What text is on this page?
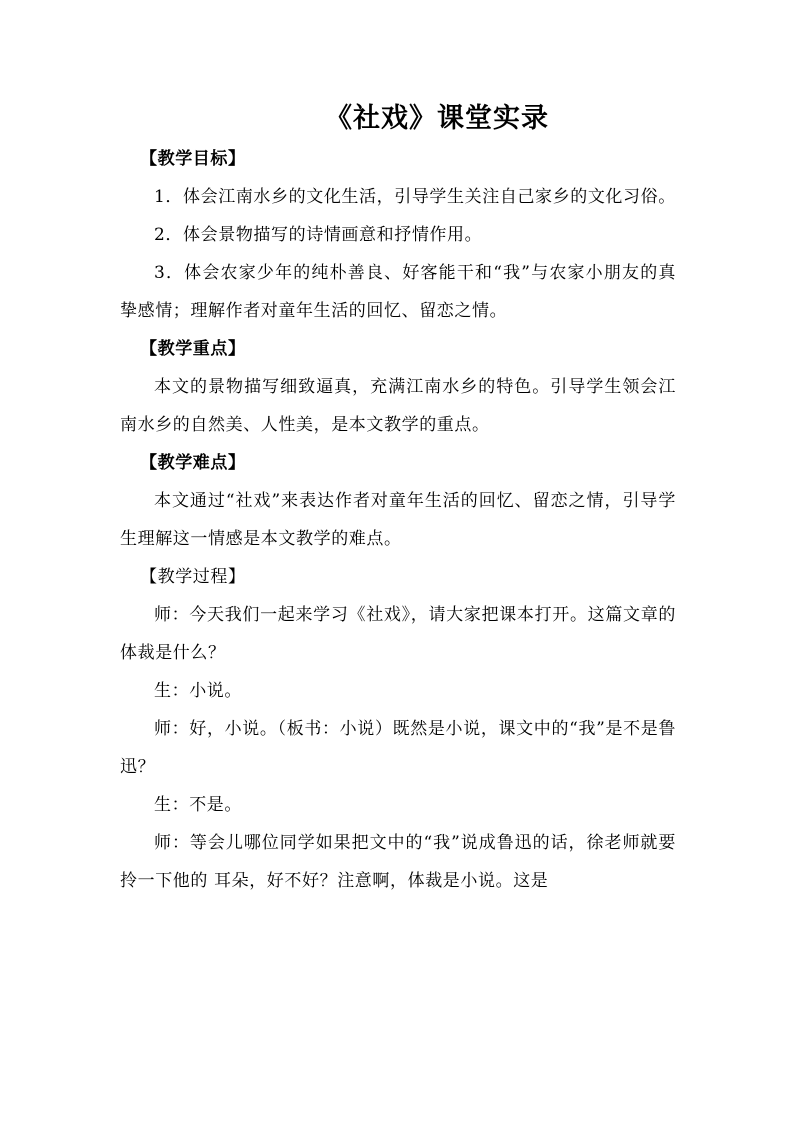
《社戏》课堂实录

【教学目标】

1．体会江南水乡的文化生活，引导学生关注自己家乡的文化习俗。

2．体会景物描写的诗情画意和抒情作用。

3．体会农家少年的纯朴善良、好客能干和“我”与农家小朋友的真挚感情；理解作者对童年生活的回忆、留恋之情。

【教学重点】

本文的景物描写细致逼真，充满江南水乡的特色。引导学生领会江南水乡的自然美、人性美，是本文教学的重点。

【教学难点】

本文通过“社戏”来表达作者对童年生活的回忆、留恋之情，引导学生理解这一情感是本文教学的难点。

【教学过程】

师：今天我们一起来学习《社戏》，请大家把课本打开。这篇文章的体裁是什么？

生：小说。

师：好，小说。（板书：小说）既然是小说，课文中的“我”是不是鲁迅？

生：不是。

师：等会儿哪位同学如果把文中的“我”说成鲁迅的话，徐老师就要拎一下他的 耳朵，好不好？注意啊，体裁是小说。这是
